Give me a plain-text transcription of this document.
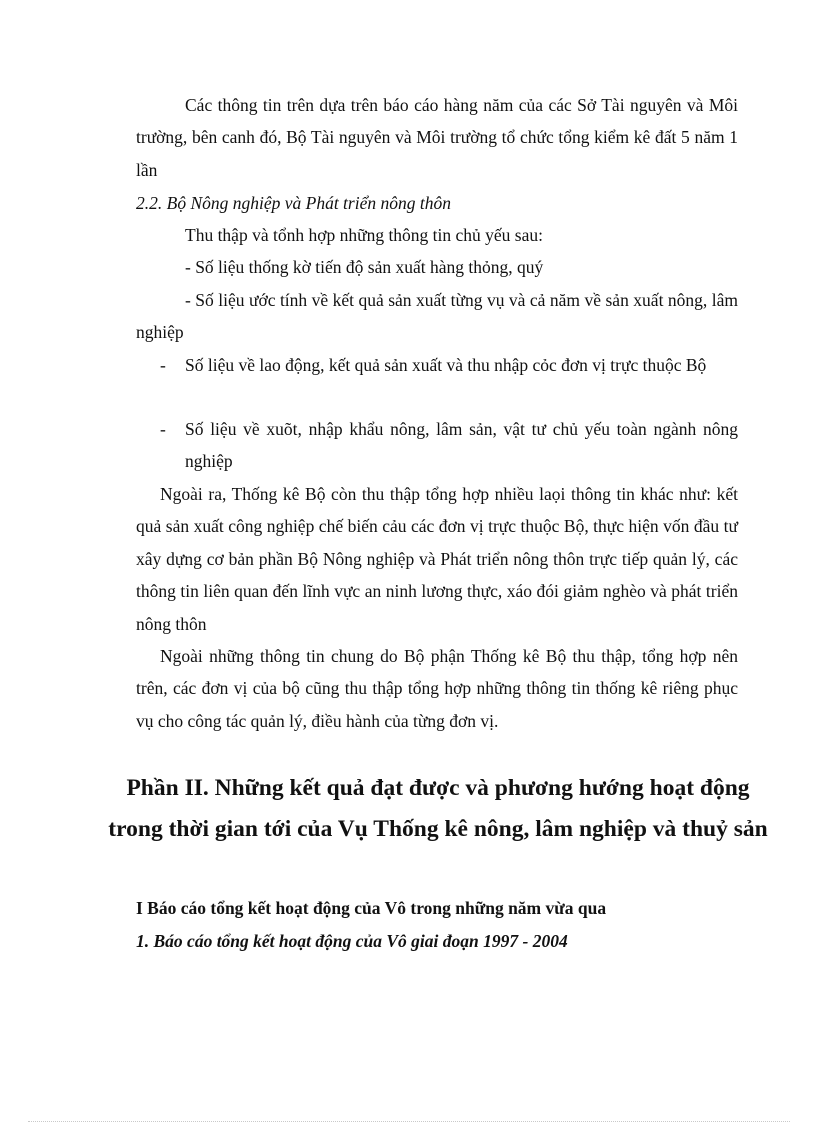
Các thông tin trên dựa trên báo cáo hàng năm của các Sở Tài nguyên và Môi trường, bên canh đó, Bộ Tài nguyên và Môi trường tổ chức tổng kiểm kê đất 5 năm 1 lần

2.2. Bộ Nông nghiệp và Phát triển nông thôn

Thu thập và tổnh hợp những thông tin chủ yếu sau:

- Số liệu thống kờ tiến độ sản xuất hàng thỏng, quý

- Số liệu ước tính về kết quả sản xuất từng vụ và cả năm về sản xuất nông, lâm nghiệp

- Số liệu về lao động, kết quả sản xuất và thu nhập cỏc đơn vị trực thuộc Bộ

- Số liệu về xuõt, nhập khẩu nông, lâm sản, vật tư chủ yếu toàn ngành nông nghiệp

Ngoài ra, Thống kê Bộ còn thu thập tổng hợp nhiều laọi thông tin khác như: kết quả sản xuất công nghiệp chế biến cảu các đơn vị trực thuộc Bộ, thực hiện vốn đầu tư xây dựng cơ bản phần Bộ Nông nghiệp và Phát triển nông thôn trực tiếp quản lý, các thông tin liên quan đến lĩnh vực an ninh lương thực, xáo đói giảm nghèo và phát triển nông thôn

Ngoài những thông tin chung do Bộ phận Thống kê Bộ thu thập, tổng hợp nên trên, các đơn vị của bộ cũng thu thập tổng hợp những thông tin thống kê riêng phục vụ cho công tác quản lý, điều hành của từng đơn vị.

Phần II. Những kết quả đạt được và phương hướng hoạt động trong thời gian tới của Vụ Thống kê nông, lâm nghiệp và thuỷ sản
I Báo cáo tổng kết hoạt động của Vô trong những năm vừa qua
1. Báo cáo tổng kết hoạt động của Vô giai đoạn 1997 - 2004
